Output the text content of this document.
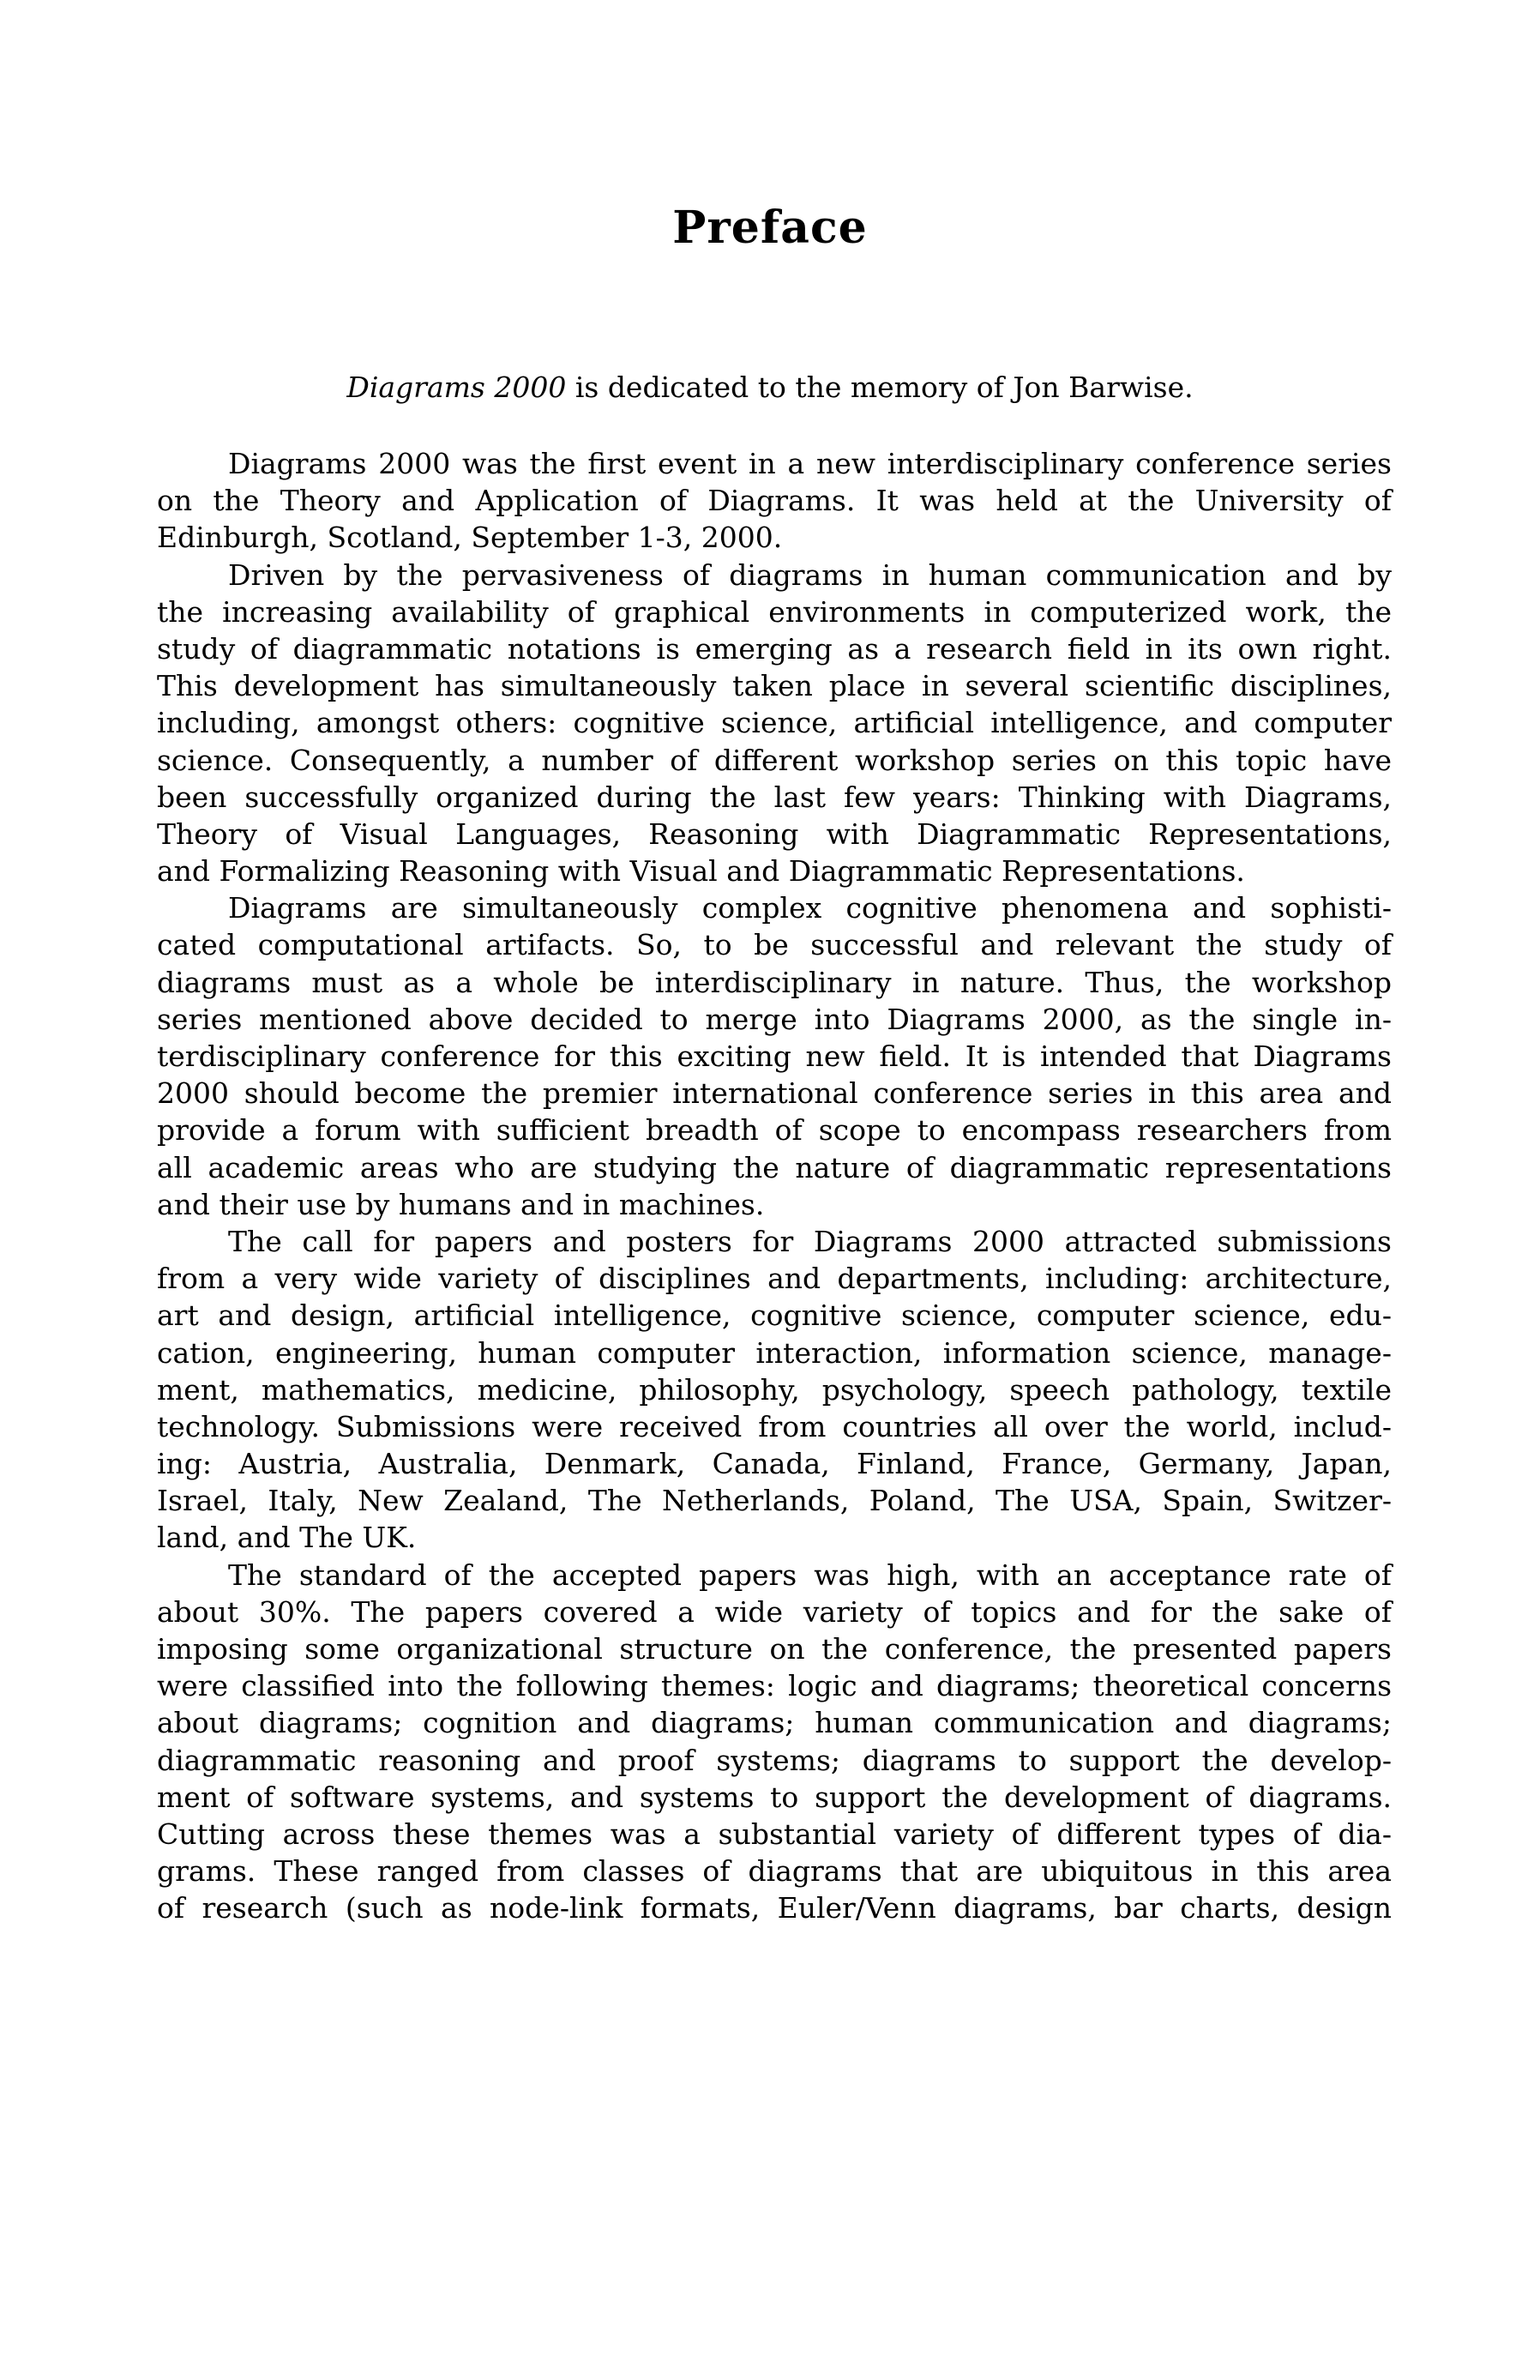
Preface
Diagrams 2000 is dedicated to the memory of Jon Barwise.
Diagrams 2000 was the first event in a new interdisciplinary conference series
on the Theory and Application of Diagrams. It was held at the University of
Edinburgh, Scotland, September 1-3, 2000.
Driven by the pervasiveness of diagrams in human communication and by
the increasing availability of graphical environments in computerized work, the
study of diagrammatic notations is emerging as a research field in its own right.
This development has simultaneously taken place in several scientific disciplines,
including, amongst others: cognitive science, artificial intelligence, and computer
science. Consequently, a number of different workshop series on this topic have
been successfully organized during the last few years: Thinking with Diagrams,
Theory of Visual Languages, Reasoning with Diagrammatic Representations,
and Formalizing Reasoning with Visual and Diagrammatic Representations.
Diagrams are simultaneously complex cognitive phenomena and sophisti-
cated computational artifacts. So, to be successful and relevant the study of
diagrams must as a whole be interdisciplinary in nature. Thus, the workshop
series mentioned above decided to merge into Diagrams 2000, as the single in-
terdisciplinary conference for this exciting new field. It is intended that Diagrams
2000 should become the premier international conference series in this area and
provide a forum with sufficient breadth of scope to encompass researchers from
all academic areas who are studying the nature of diagrammatic representations
and their use by humans and in machines.
The call for papers and posters for Diagrams 2000 attracted submissions
from a very wide variety of disciplines and departments, including: architecture,
art and design, artificial intelligence, cognitive science, computer science, edu-
cation, engineering, human computer interaction, information science, manage-
ment, mathematics, medicine, philosophy, psychology, speech pathology, textile
technology. Submissions were received from countries all over the world, includ-
ing: Austria, Australia, Denmark, Canada, Finland, France, Germany, Japan,
Israel, Italy, New Zealand, The Netherlands, Poland, The USA, Spain, Switzer-
land, and The UK.
The standard of the accepted papers was high, with an acceptance rate of
about 30%. The papers covered a wide variety of topics and for the sake of
imposing some organizational structure on the conference, the presented papers
were classified into the following themes: logic and diagrams; theoretical concerns
about diagrams; cognition and diagrams; human communication and diagrams;
diagrammatic reasoning and proof systems; diagrams to support the develop-
ment of software systems, and systems to support the development of diagrams.
Cutting across these themes was a substantial variety of different types of dia-
grams. These ranged from classes of diagrams that are ubiquitous in this area
of research (such as node-link formats, Euler/Venn diagrams, bar charts, design
